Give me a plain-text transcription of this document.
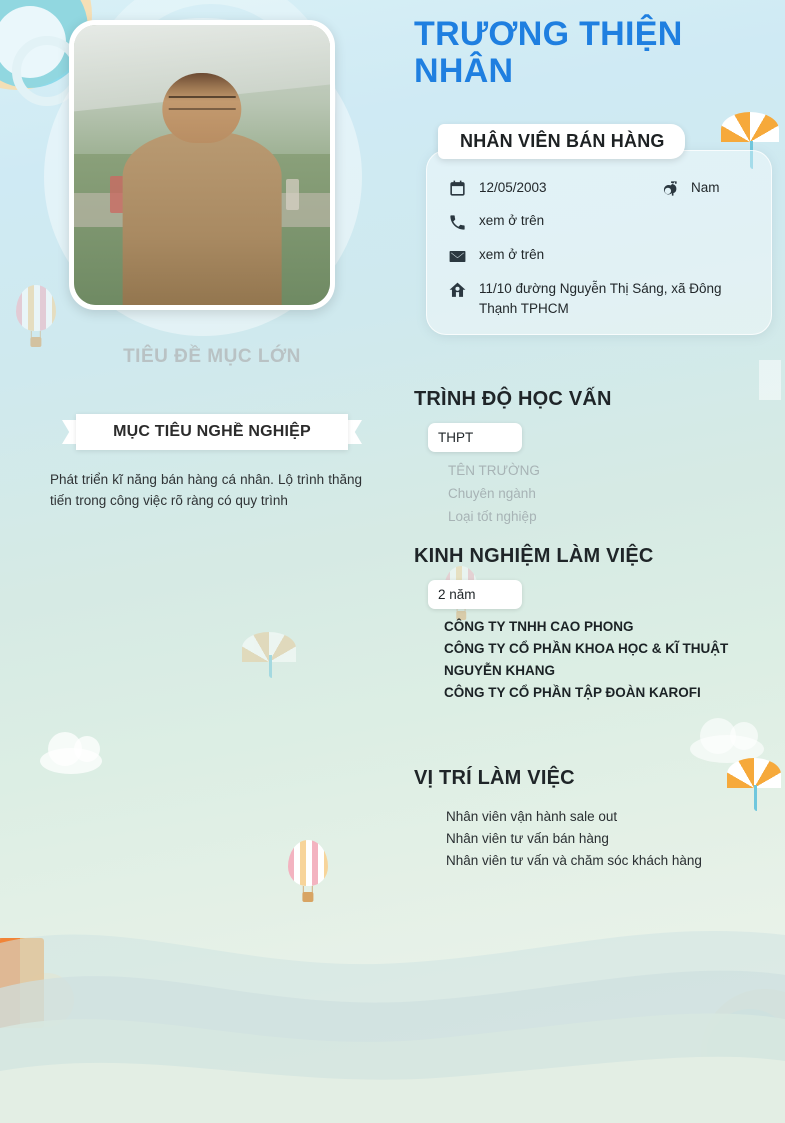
TIÊU ĐỀ MỤC LỚN
MỤC TIÊU NGHỀ NGHIỆP
Phát triển kĩ năng bán hàng cá nhân. Lộ trình thăng tiến trong công việc rõ ràng có quy trình
TRƯƠNG THIỆN NHÂN
NHÂN VIÊN BÁN HÀNG
12/05/2003	Nam
xem ở trên
xem ở trên
11/10 đường Nguyễn Thị Sáng, xã Đông Thạnh TPHCM
TRÌNH ĐỘ HỌC VẤN
THPT
TÊN TRƯỜNG
Chuyên ngành
Loại tốt nghiệp
KINH NGHIỆM LÀM VIỆC
2 năm
CÔNG TY TNHH CAO PHONG
CÔNG TY CỔ PHẦN KHOA HỌC & KĨ THUẬT NGUYỄN KHANG
CÔNG TY CỔ PHẦN TẬP ĐOÀN KAROFI
VỊ TRÍ LÀM VIỆC
Nhân viên vận hành sale out
Nhân viên tư vấn bán hàng
Nhân viên tư vấn và chăm sóc khách hàng
